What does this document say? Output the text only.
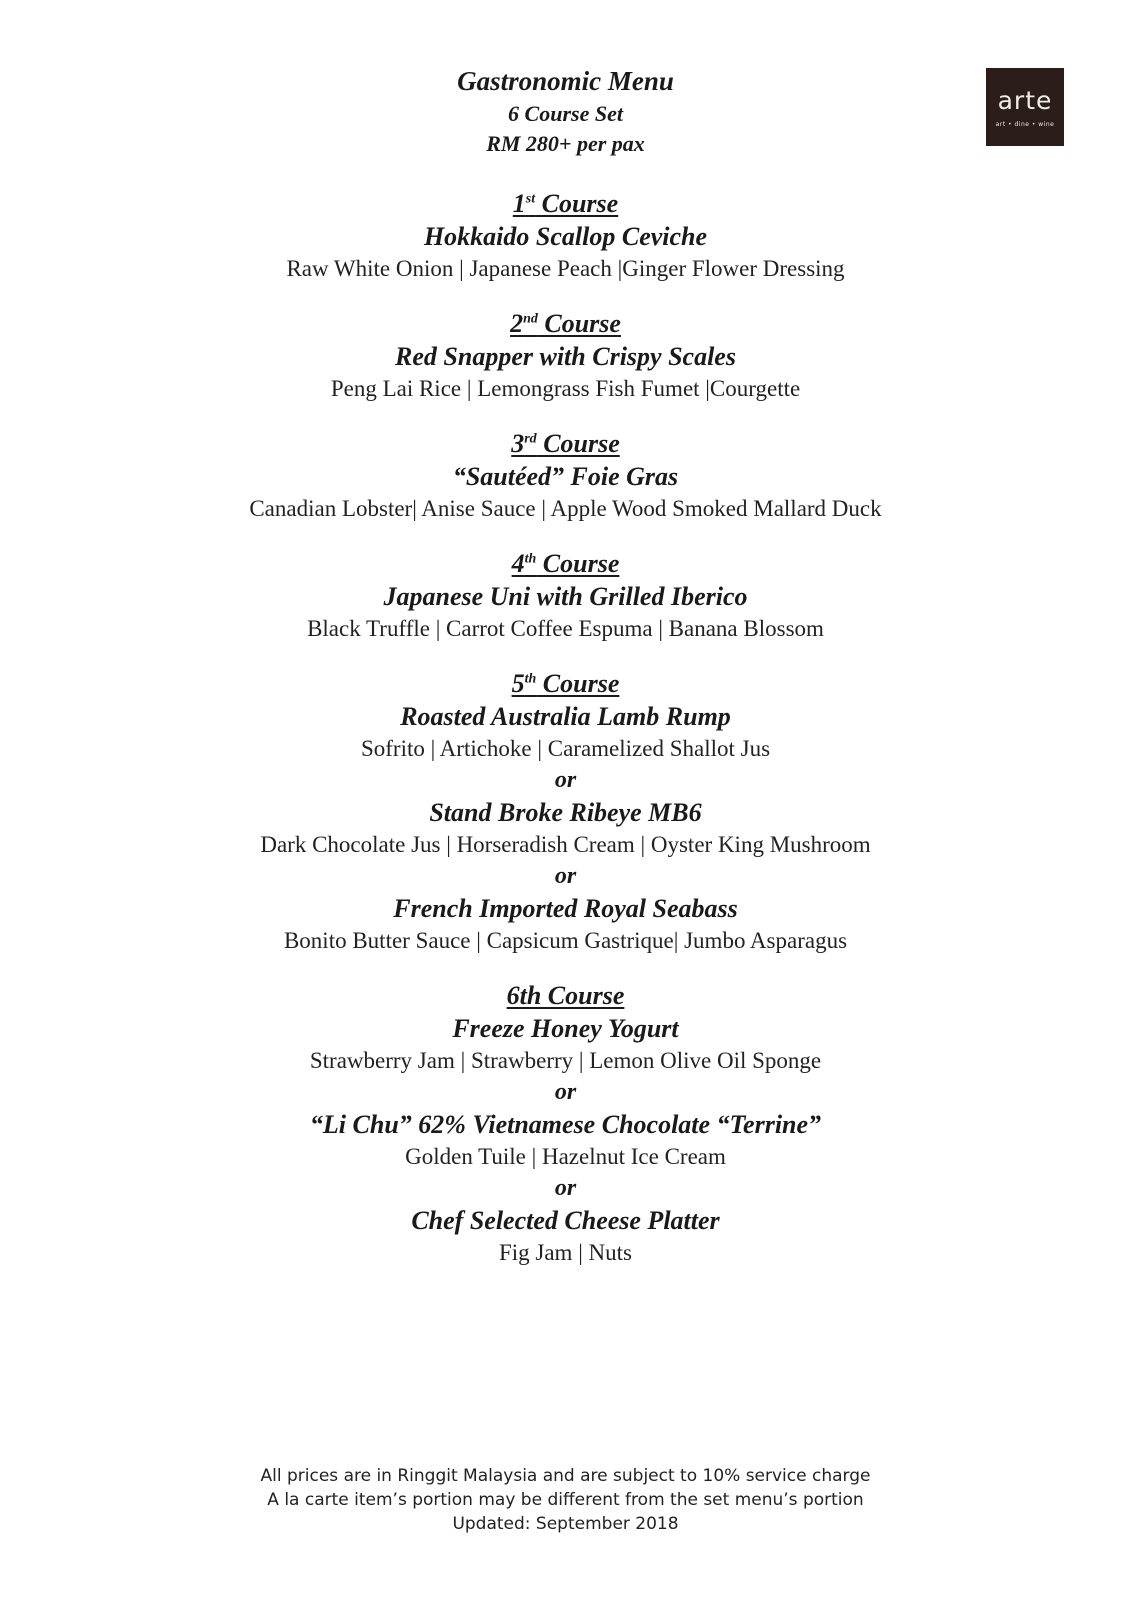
arte
art • dine • wine
Gastronomic Menu
6 Course Set
RM 280+ per pax
1st Course
Hokkaido Scallop Ceviche
Raw White Onion | Japanese Peach |Ginger Flower Dressing
2nd Course
Red Snapper with Crispy Scales
Peng Lai Rice | Lemongrass Fish Fumet |Courgette
3rd Course
“Sautéed” Foie Gras
Canadian Lobster| Anise Sauce | Apple Wood Smoked Mallard Duck
4th Course
Japanese Uni with Grilled Iberico
Black Truffle | Carrot Coffee Espuma | Banana Blossom
5th Course
Roasted Australia Lamb Rump
Sofrito | Artichoke | Caramelized Shallot Jus
or
Stand Broke Ribeye MB6
Dark Chocolate Jus | Horseradish Cream | Oyster King Mushroom
or
French Imported Royal Seabass
Bonito Butter Sauce | Capsicum Gastrique| Jumbo Asparagus
6th Course
Freeze Honey Yogurt
Strawberry Jam | Strawberry | Lemon Olive Oil Sponge
or
“Li Chu” 62% Vietnamese Chocolate “Terrine”
Golden Tuile | Hazelnut Ice Cream
or
Chef Selected Cheese Platter
Fig Jam | Nuts
All prices are in Ringgit Malaysia and are subject to 10% service charge
A la carte item’s portion may be different from the set menu’s portion
Updated: September 2018
